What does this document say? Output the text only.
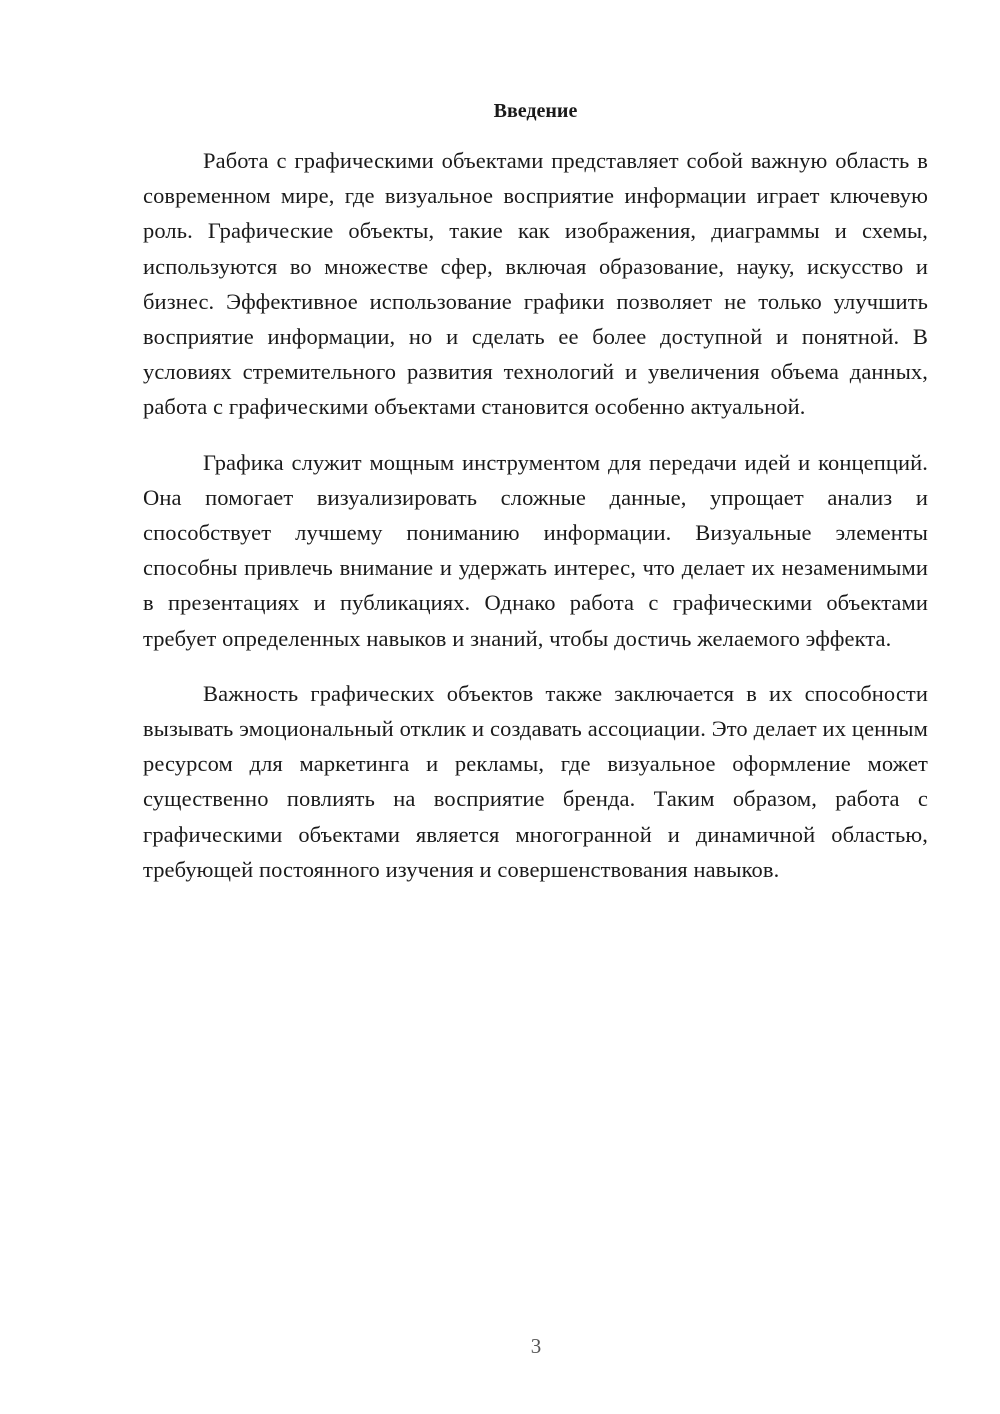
Введение

Работа с графическими объектами представляет собой важную область в современном мире, где визуальное восприятие информации играет ключевую роль. Графические объекты, такие как изображения, диаграммы и схемы, используются во множестве сфер, включая образование, науку, искусство и бизнес. Эффективное использование графики позволяет не только улучшить восприятие информации, но и сделать ее более доступной и понятной. В условиях стремительного развития технологий и увеличения объема данных, работа с графическими объектами становится особенно актуальной.

Графика служит мощным инструментом для передачи идей и концепций. Она помогает визуализировать сложные данные, упрощает анализ и способствует лучшему пониманию информации. Визуальные элементы способны привлечь внимание и удержать интерес, что делает их незаменимыми в презентациях и публикациях. Однако работа с графическими объектами требует определенных навыков и знаний, чтобы достичь желаемого эффекта.

Важность графических объектов также заключается в их способности вызывать эмоциональный отклик и создавать ассоциации. Это делает их ценным ресурсом для маркетинга и рекламы, где визуальное оформление может существенно повлиять на восприятие бренда. Таким образом, работа с графическими объектами является многогранной и динамичной областью, требующей постоянного изучения и совершенствования навыков.

3
